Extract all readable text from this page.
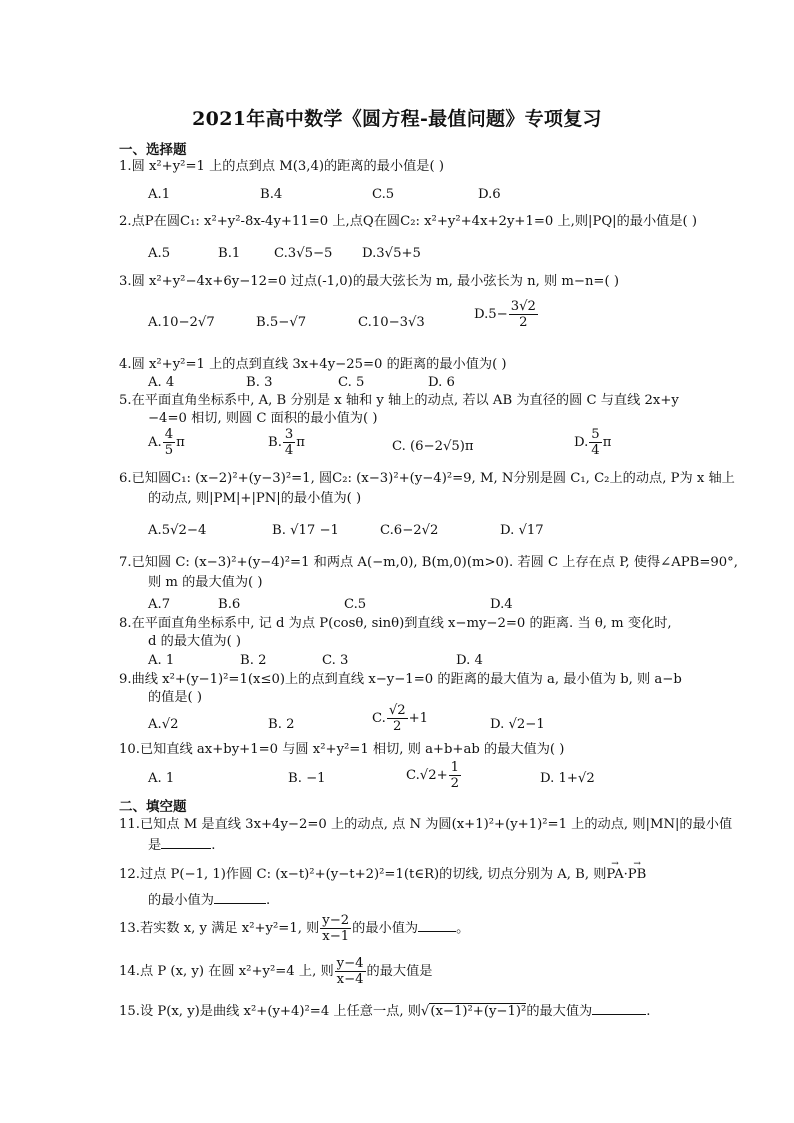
2021年高中数学《圆方程-最值问题》专项复习
一、选择题
1.圆 x²+y²=1 上的点到点 M(3,4)的距离的最小值是( )
A.1	B.4	C.5	D.6
2.点P在圆C₁: x²+y²-8x-4y+11=0 上,点Q在圆C₂: x²+y²+4x+2y+1=0 上,则|PQ|的最小值是( )
A.5	B.1	C.3√5−5 D.3√5+5
3.圆 x²+y²−4x+6y−12=0 过点(-1,0)的最大弦长为 m, 最小弦长为 n, 则 m−n=( )
A.10−2√7	B.5−√7	C.10−3√3
$D.5- \frac{3√2}{2}$
4.圆 x²+y²=1 上的点到直线 3x+4y−25=0 的距离的最小值为( )
A. 4	B. 3	C. 5	D. 6
5.在平面直角坐标系中, A, B 分别是 x 轴和 y 轴上的动点, 若以 AB 为直径的圆 C 与直线 2x+y
−4=0 相切, 则圆 C 面积的最小值为( )
A. $\frac{4}{5}$ π	B. $\frac{3}{4}$ π	C. (6−2√5)π	D. $\frac{5}{4}$ π
6.已知圆C₁: (x−2)²+(y−3)²=1, 圆C₂: (x−3)²+(y−4)²=9, M, N分别是圆 C₁, C₂上的动点, P为 x 轴上
的动点, 则|PM|+|PN|的最小值为( )
A.5√2−4	B. √17 −1	C.6−2√2	D. √17
7.已知圆 C: (x−3)²+(y−4)²=1 和两点 A(−m,0), B(m,0)(m>0). 若圆 C 上存在点 P, 使得∠APB=90°,
则 m 的最大值为( )
A.7	B.6	C.5	D.4
8.在平面直角坐标系中, 记 d 为点 P(cosθ, sinθ)到直线 x−my−2=0 的距离. 当 θ, m 变化时,
d 的最大值为( )
A. 1	B. 2	C. 3	D. 4
9.曲线 x²+(y−1)²=1(x≤0)上的点到直线 x−y−1=0 的距离的最大值为 a, 最小值为 b, 则 a−b
的值是( )
A.√2	B. 2	C. $\frac{√2}{2} +1$	D. √2−1
10.已知直线 ax+by+1=0 与圆 x²+y²=1 相切, 则 a+b+ab 的最大值为( )
A. 1	B. −1	$C.√2+ \frac{1}{2}$	D. 1+√2
二、填空题
11.已知点 M 是直线 3x+4y−2=0 上的动点, 点 N 为圆(x+1)²+(y+1)²=1 上的动点, 则|MN|的最小值
是	.
12.过点 P(−1, 1)作圆 C: (x−t)²+(y−t+2)²=1(t∈R)的切线, 切点分别为 A, B, 则→ PA·→ PB
的最小值为	.
13.若实数 x, y 满足 x²+y²=1, 则 $\frac{y-2}{x-1}$ 的最小值为	。
14.点 P (x, y) 在圆 x²+y²=4 上, 则 $\frac{y-4}{x-4}$ 的最大值是
15.设 P(x, y)是曲线 x²+(y+4)²=4 上任意一点, 则√(x−1)²+(y−1)²的最大值为	.
